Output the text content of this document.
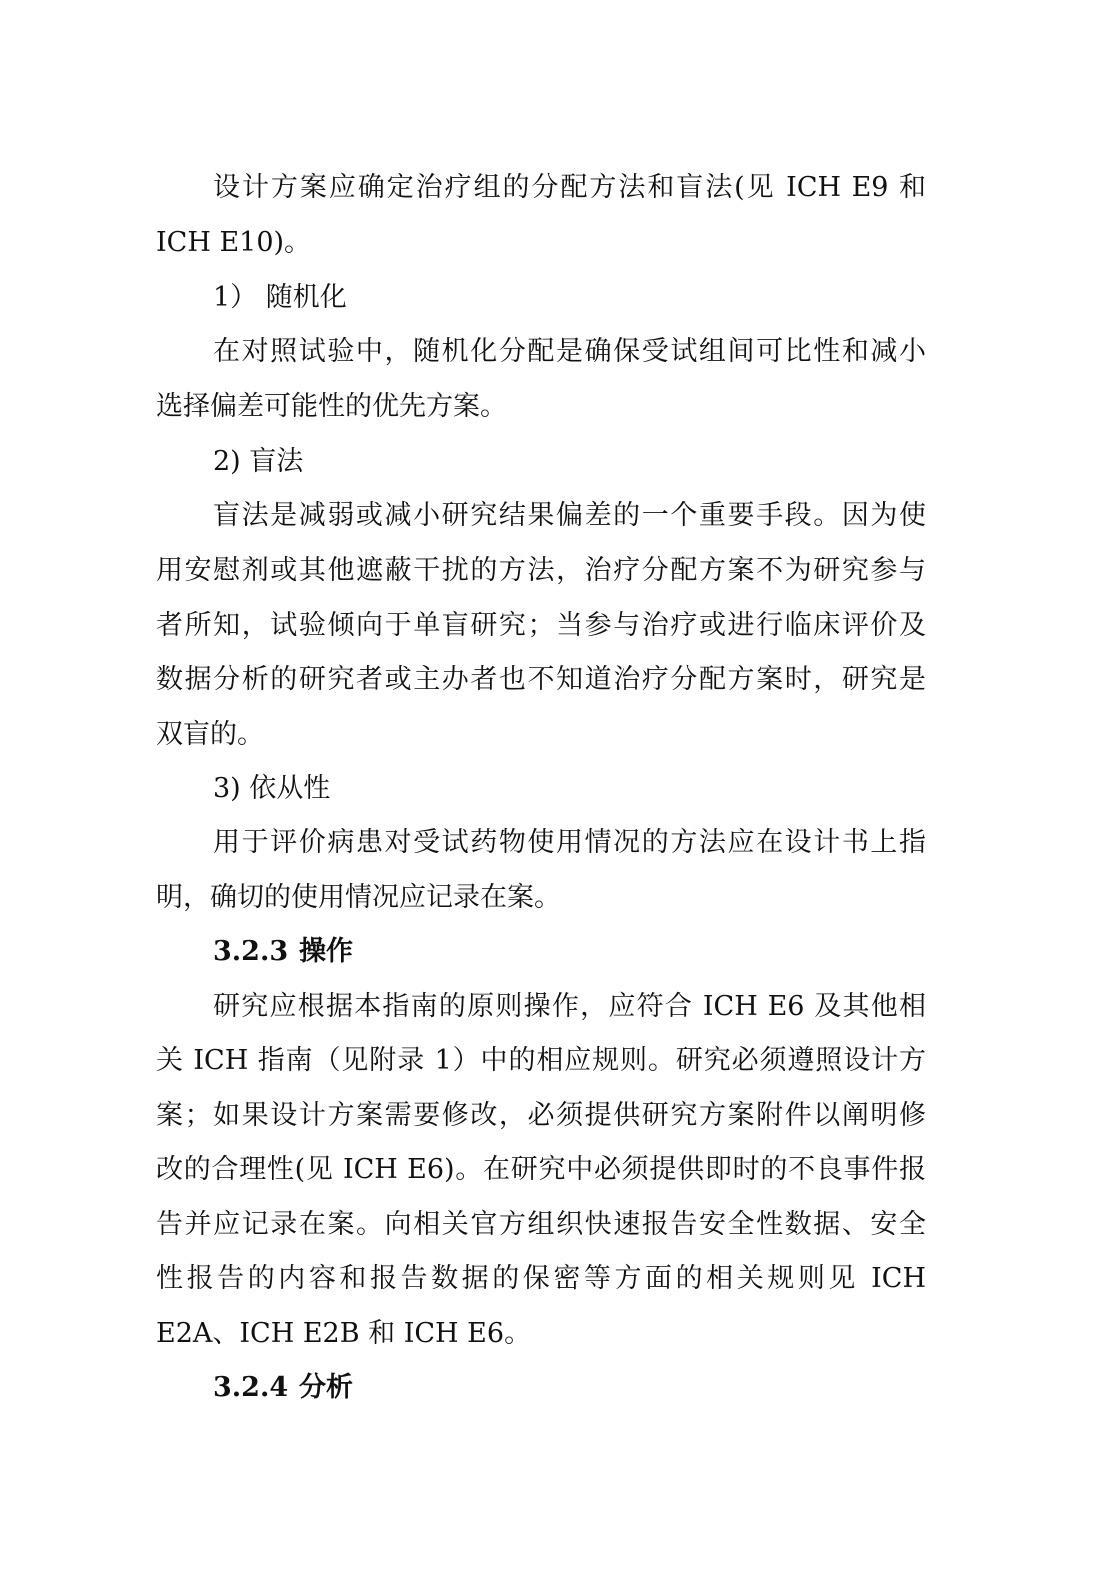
设计方案应确定治疗组的分配方法和盲法(见 ICH E9 和
ICH E10)。
1） 随机化
在对照试验中，随机化分配是确保受试组间可比性和减小
选择偏差可能性的优先方案。
2) 盲法
盲法是减弱或减小研究结果偏差的一个重要手段。因为使
用安慰剂或其他遮蔽干扰的方法，治疗分配方案不为研究参与
者所知，试验倾向于单盲研究；当参与治疗或进行临床评价及
数据分析的研究者或主办者也不知道治疗分配方案时，研究是
双盲的。
3) 依从性
用于评价病患对受试药物使用情况的方法应在设计书上指
明，确切的使用情况应记录在案。
3.2.3 操作
研究应根据本指南的原则操作，应符合 ICH E6 及其他相
关 ICH 指南（见附录 1）中的相应规则。研究必须遵照设计方
案；如果设计方案需要修改，必须提供研究方案附件以阐明修
改的合理性(见 ICH E6)。在研究中必须提供即时的不良事件报
告并应记录在案。向相关官方组织快速报告安全性数据、安全
性报告的内容和报告数据的保密等方面的相关规则见 ICH
E2A、ICH E2B 和 ICH E6。
3.2.4 分析
